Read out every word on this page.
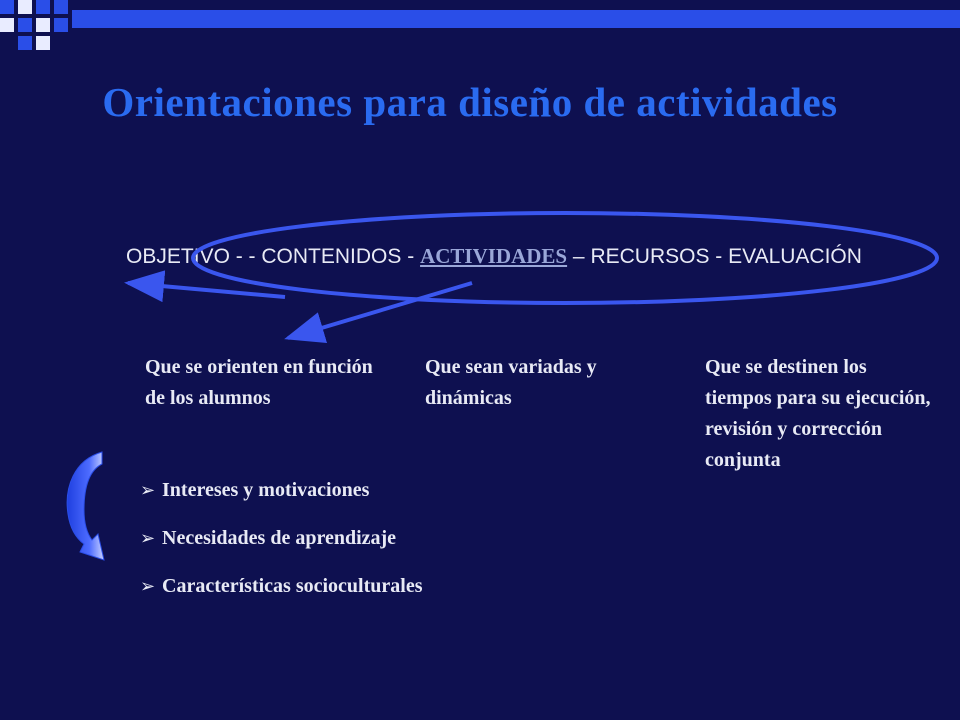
Orientaciones para diseño de actividades
OBJETIVO - - CONTENIDOS - ACTIVIDADES – RECURSOS - EVALUACIÓN
Que se orienten en función de los alumnos
Que sean variadas y dinámicas
Que se destinen los tiempos para su ejecución, revisión y corrección conjunta
➢ Intereses y motivaciones
➢ Necesidades de aprendizaje
➢ Características socioculturales
